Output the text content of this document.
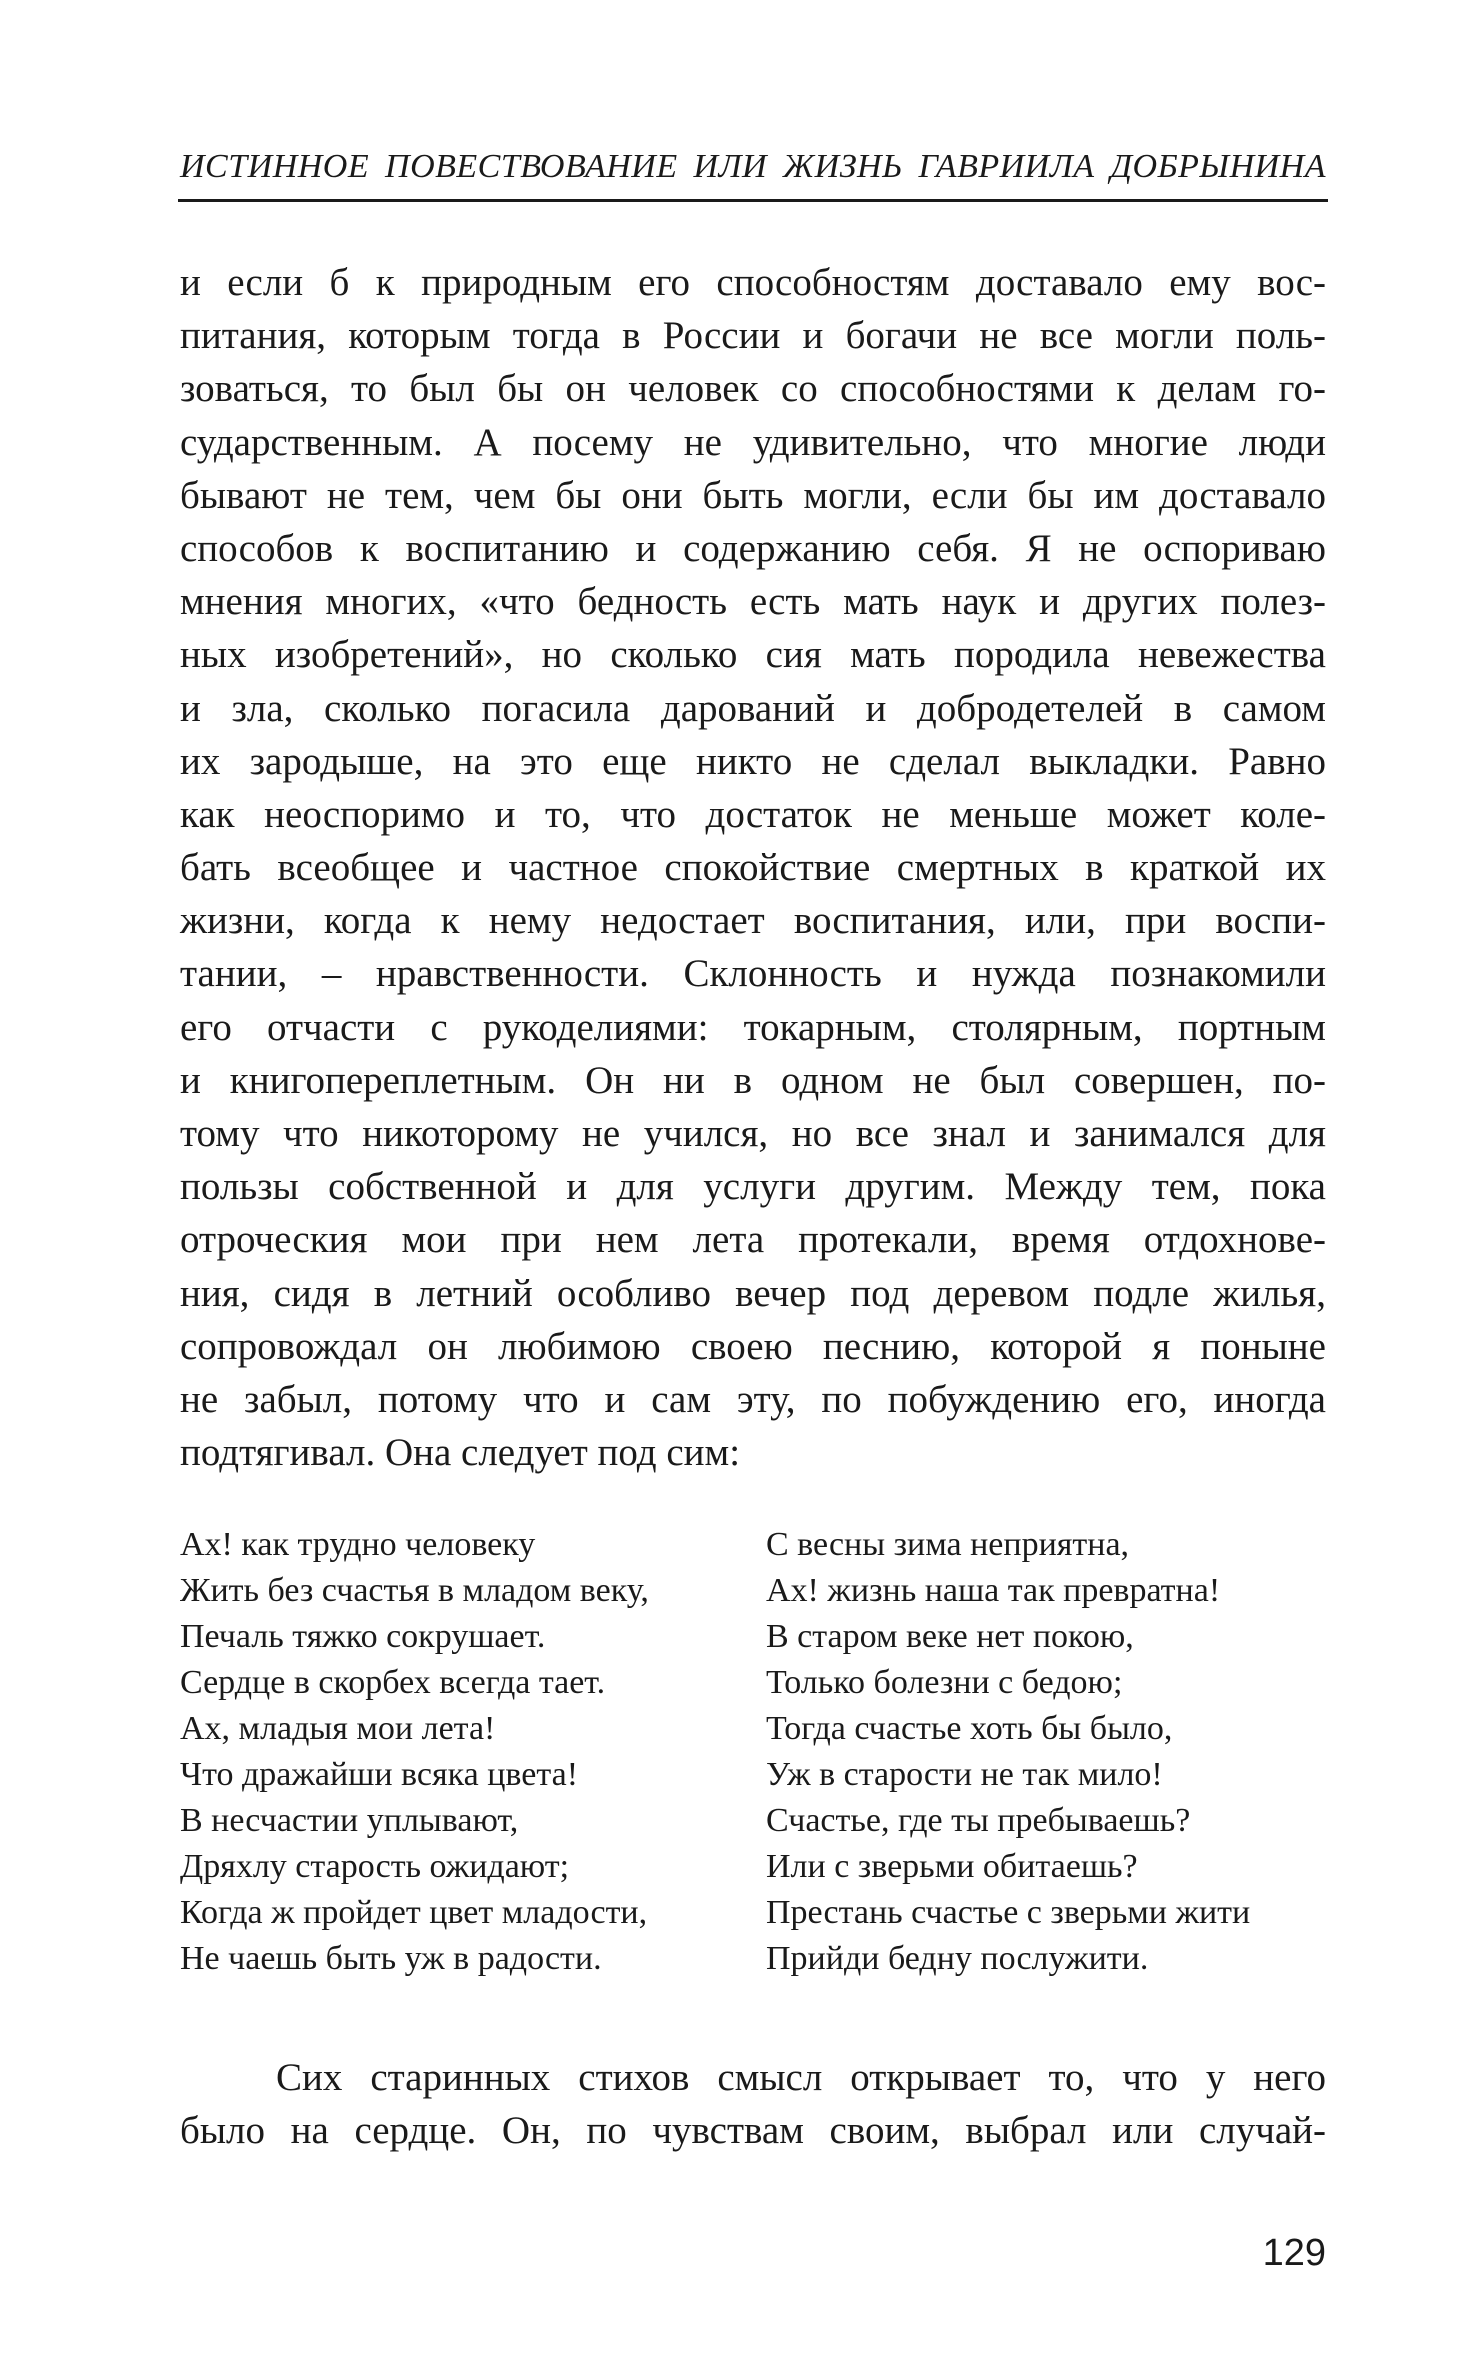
ИСТИННОЕ ПОВЕСТВОВАНИЕ ИЛИ ЖИЗНЬ ГАВРИИЛА ДОБРЫНИНА
и если б к природным его способностям доставало ему вос-
питания, которым тогда в России и богачи не все могли поль-
зоваться, то был бы он человек со способностями к делам го-
сударственным. А посему не удивительно, что многие люди
бывают не тем, чем бы они быть могли, если бы им доставало
способов к воспитанию и содержанию себя. Я не оспориваю
мнения многих, «что бедность есть мать наук и других полез-
ных изобретений», но сколько сия мать породила невежества
и зла, сколько погасила дарований и добродетелей в самом
их зародыше, на это еще никто не сделал выкладки. Равно
как неоспоримо и то, что достаток не меньше может коле-
бать всеобщее и частное спокойствие смертных в краткой их
жизни, когда к нему недостает воспитания, или, при воспи-
тании, – нравственности. Склонность и нужда познакомили
его отчасти с рукоделиями: токарным, столярным, портным
и книгопереплетным. Он ни в одном не был совершен, по-
тому что никоторому не учился, но все знал и занимался для
пользы собственной и для услуги другим. Между тем, пока
отроческия мои при нем лета протекали, время отдохнове-
ния, сидя в летний особливо вечер под деревом подле жилья,
сопровождал он любимою своею песнию, которой я поныне
не забыл, потому что и сам эту, по побуждению его, иногда
подтягивал. Она следует под сим:
Ах! как трудно человеку
Жить без счастья в младом веку,
Печаль тяжко сокрушает.
Сердце в скорбех всегда тает.
Ах, младыя мои лета!
Что дражайши всяка цвета!
В несчастии уплывают,
Дряхлу старость ожидают;
Когда ж пройдет цвет младости,
Не чаешь быть уж в радости.
С весны зима неприятна,
Ах! жизнь наша так превратна!
В старом веке нет покою,
Только болезни с бедою;
Тогда счастье хоть бы было,
Уж в старости не так мило!
Счастье, где ты пребываешь?
Или с зверьми обитаешь?
Престань счастье с зверьми жити
Прийди бедну послужити.
Сих старинных стихов смысл открывает то, что у него
было на сердце. Он, по чувствам своим, выбрал или случай-
129
